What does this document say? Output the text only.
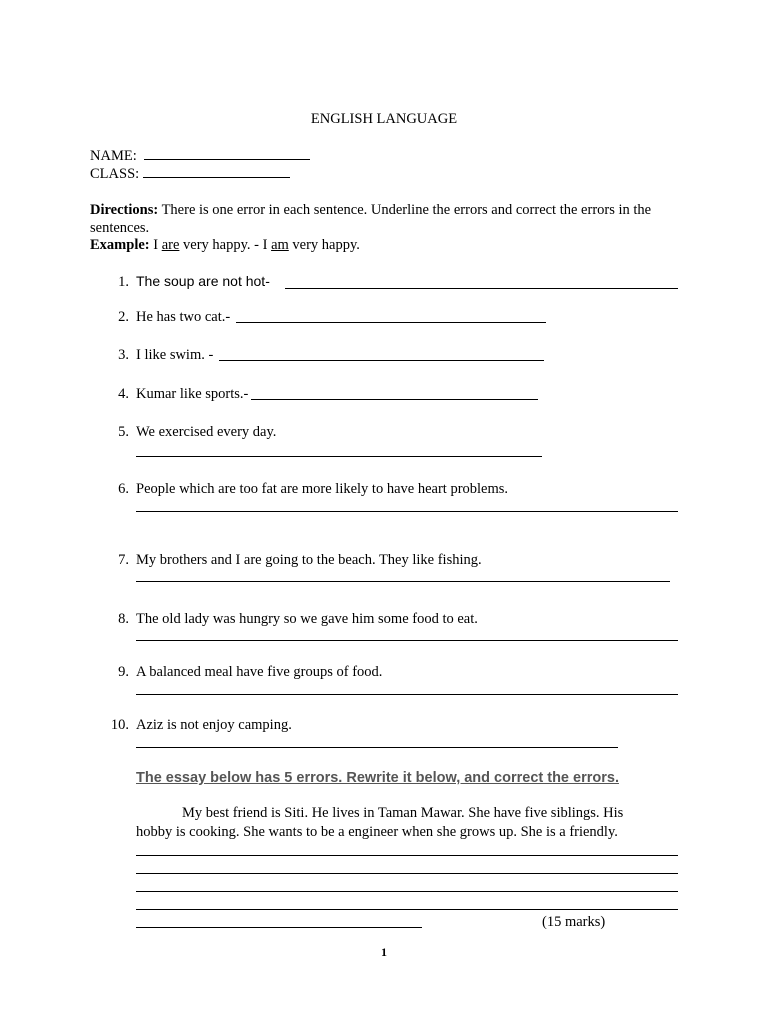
ENGLISH LANGUAGE
NAME:
CLASS:
Directions: There is one error in each sentence. Underline the errors and correct the errors in the
sentences.
Example: I are very happy. - I am very happy.
1. The soup are not hot-
2. He has two cat.-
3. I like swim. -
4. Kumar like sports.-
5. We exercised every day.
6. People which are too fat are more likely to have heart problems.
7. My brothers and I are going to the beach. They like fishing.
8. The old lady was hungry so we gave him some food to eat.
9. A balanced meal have five groups of food.
10. Aziz is not enjoy camping.
The essay below has 5 errors. Rewrite it below, and correct the errors.
My best friend is Siti. He lives in Taman Mawar. She have five siblings. His
hobby is cooking. She wants to be a engineer when she grows up. She is a friendly.
(15 marks)
1
